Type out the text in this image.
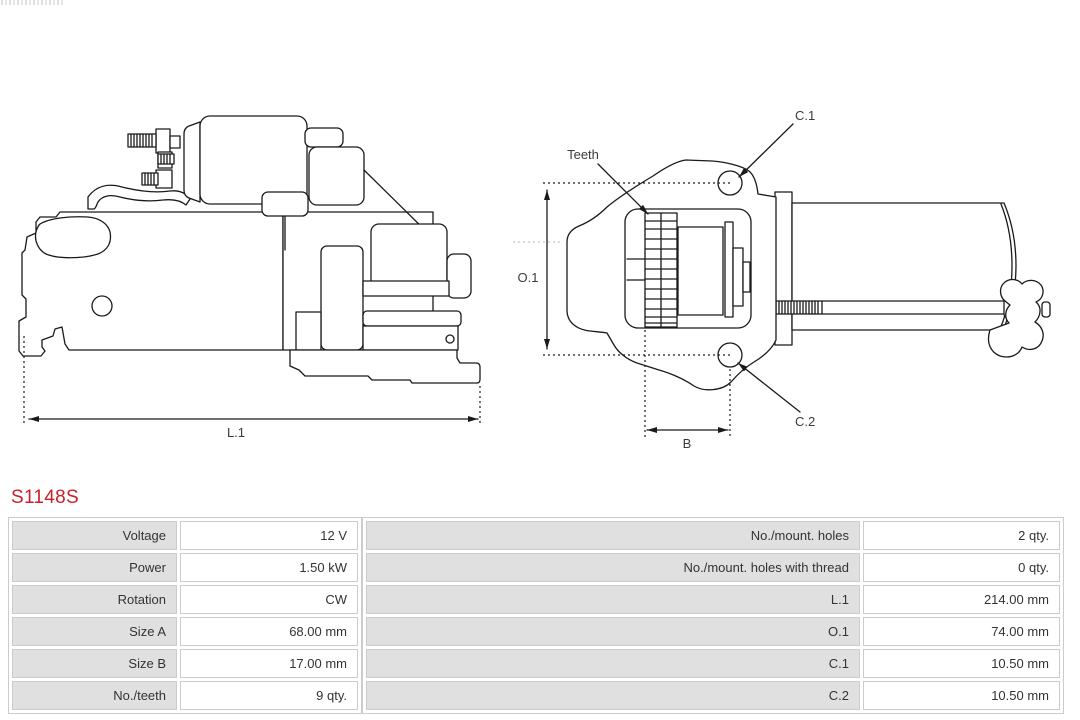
L.1
O.1
B
C.1
C.2
Teeth
S1148S
Voltage	12 V
Power	1.50 kW
Rotation	CW
Size A	68.00 mm
Size B	17.00 mm
No./teeth	9 qty.
No./mount. holes	2 qty.
No./mount. holes with thread	0 qty.
L.1	214.00 mm
O.1	74.00 mm
C.1	10.50 mm
C.2	10.50 mm
